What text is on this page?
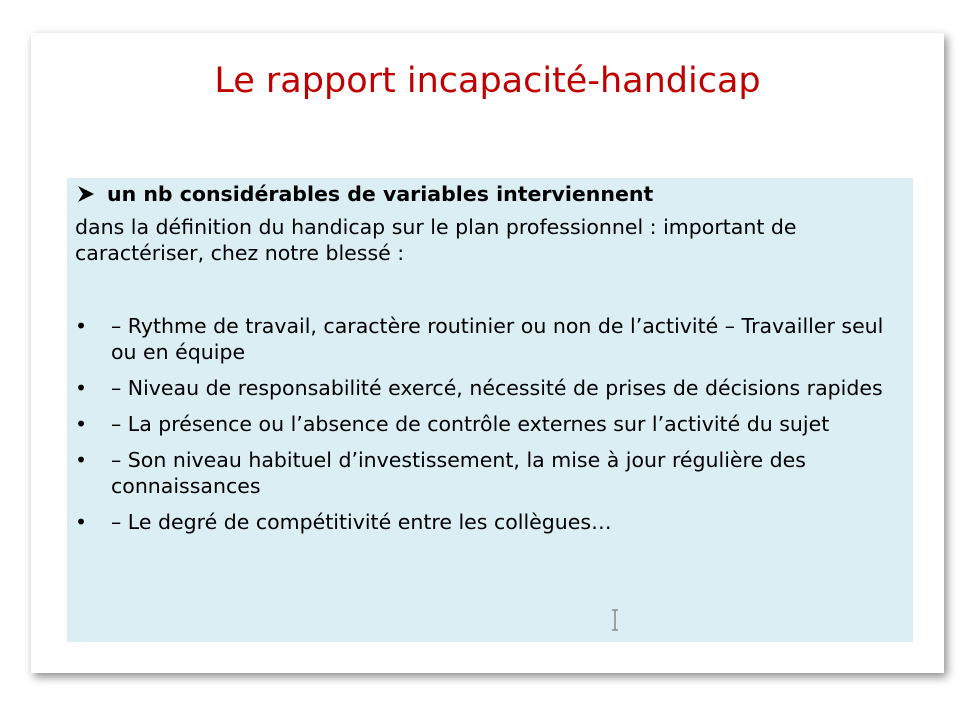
Le rapport incapacité-handicap
un nb considérables de variables interviennent
dans la définition du handicap sur le plan professionnel : important de caractériser, chez notre blessé :
• – Rythme de travail, caractère routinier ou non de l’activité – Travailler seul ou en équipe
• – Niveau de responsabilité exercé, nécessité de prises de décisions rapides
• – La présence ou l’absence de contrôle externes sur l’activité du sujet
• – Son niveau habituel d’investissement, la mise à jour régulière des connaissances
• – Le degré de compétitivité entre les collègues…
